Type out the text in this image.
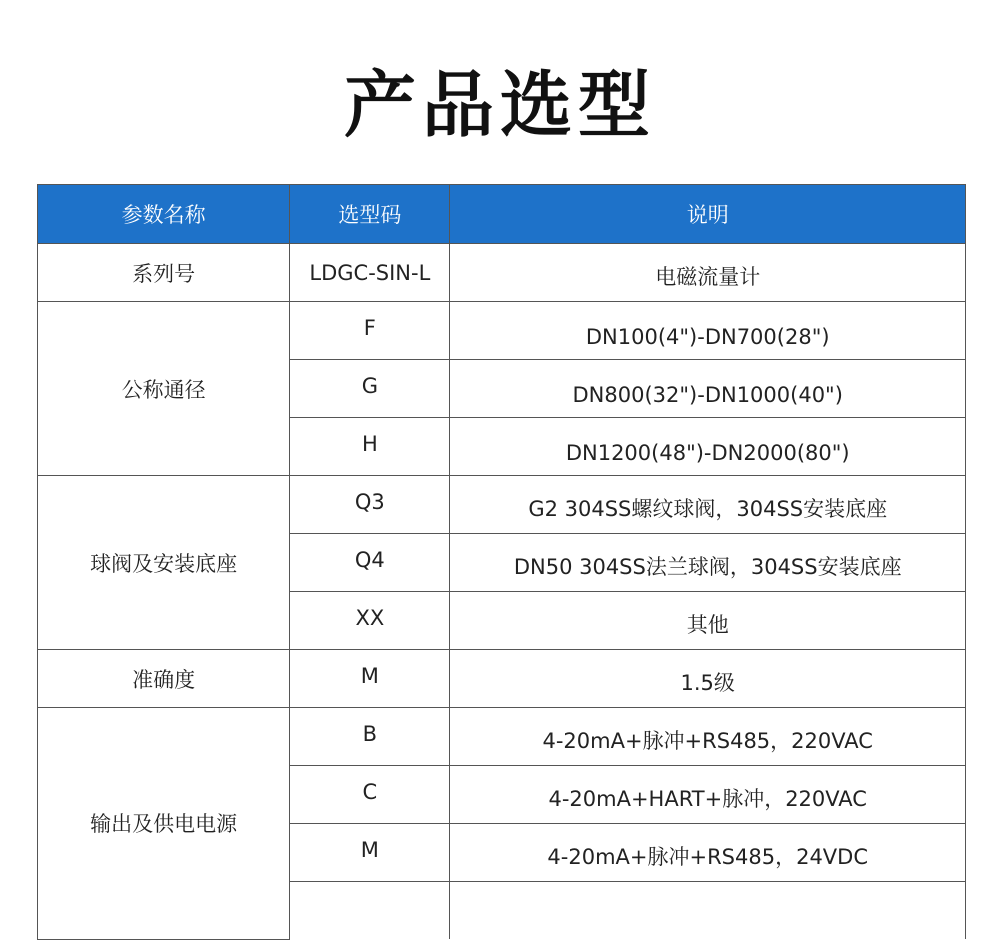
产品选型
参数名称	选型码	说明
系列号	LDGC-SIN-L	电磁流量计
公称通径	F	DN100(4")-DN700(28")
	G	DN800(32")-DN1000(40")
	H	DN1200(48")-DN2000(80")
球阀及安装底座	Q3	G2 304SS螺纹球阀，304SS安装底座
	Q4	DN50 304SS法兰球阀，304SS安装底座
	XX	其他
准确度	M	1.5级
输出及供电电源	B	4-20mA+脉冲+RS485，220VAC
	C	4-20mA+HART+脉冲，220VAC
	M	4-20mA+脉冲+RS485，24VDC
